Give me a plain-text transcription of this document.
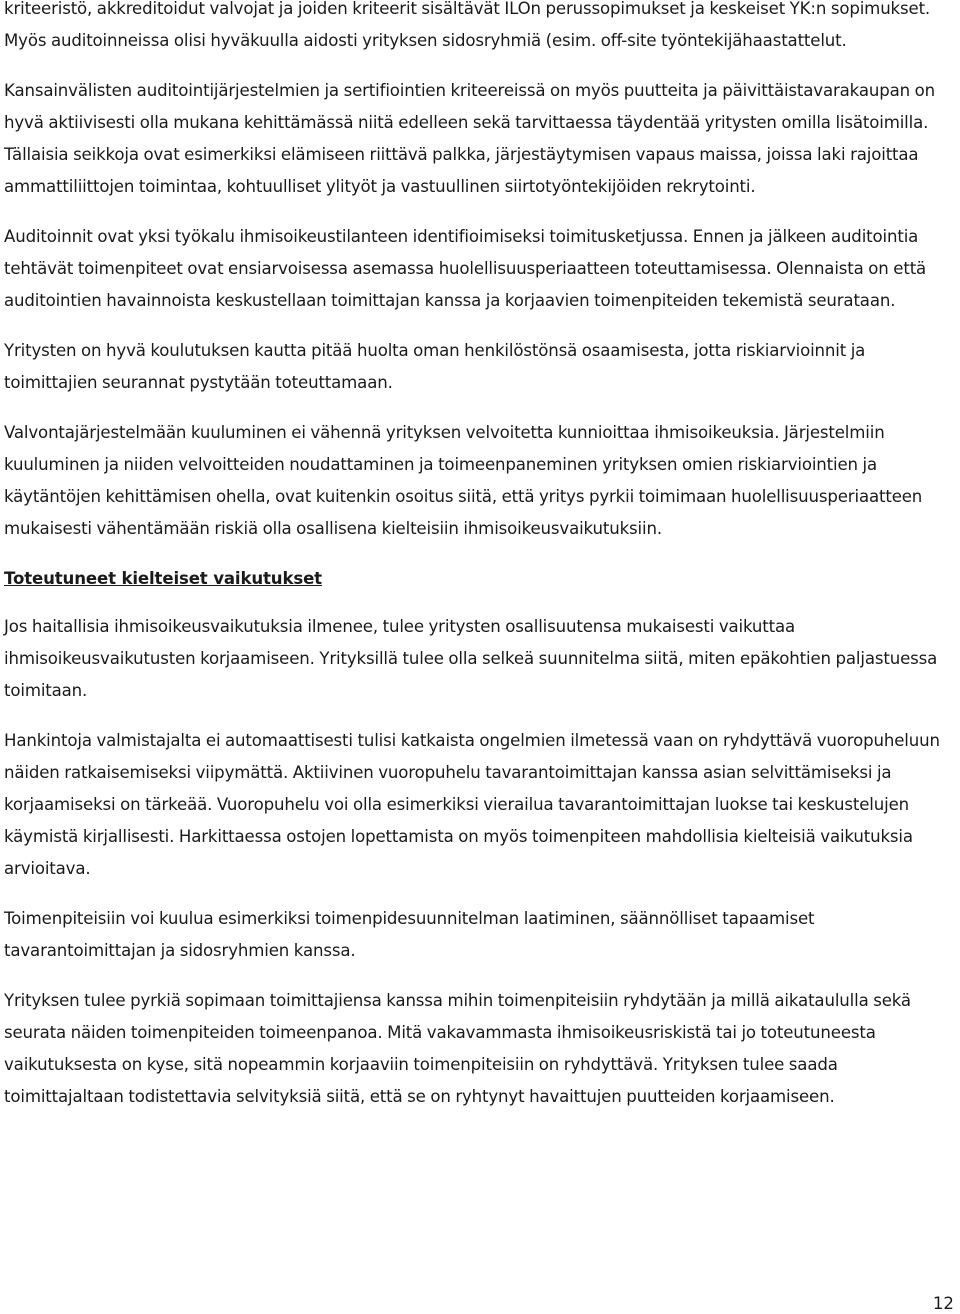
kriteeristö, akkreditoidut valvojat ja joiden kriteerit sisältävät ILOn perussopimukset ja keskeiset YK:n sopimukset. Myös auditoinneissa olisi hyväkuulla aidosti yrityksen sidosryhmiä (esim. off-site työntekijähaastattelut.

Kansainvälisten auditointijärjestelmien ja sertifiointien kriteereissä on myös puutteita ja päivittäistavarakaupan on hyvä aktiivisesti olla mukana kehittämässä niitä edelleen sekä tarvittaessa täydentää yritysten omilla lisätoimilla. Tällaisia seikkoja ovat esimerkiksi elämiseen riittävä palkka, järjestäytymisen vapaus maissa, joissa laki rajoittaa ammattiliittojen toimintaa, kohtuulliset ylityöt ja vastuullinen siirtotyöntekijöiden rekrytointi.

Auditoinnit ovat yksi työkalu ihmisoikeustilanteen identifioimiseksi toimitusketjussa. Ennen ja jälkeen auditointia tehtävät toimenpiteet ovat ensiarvoisessa asemassa huolellisuusperiaatteen toteuttamisessa. Olennaista on että auditointien havainnoista keskustellaan toimittajan kanssa ja korjaavien toimenpiteiden tekemistä seurataan.

Yritysten on hyvä koulutuksen kautta pitää huolta oman henkilöstönsä osaamisesta, jotta riskiarvioinnit ja toimittajien seurannat pystytään toteuttamaan.

Valvontajärjestelmään kuuluminen ei vähennä yrityksen velvoitetta kunnioittaa ihmisoikeuksia. Järjestelmiin kuuluminen ja niiden velvoitteiden noudattaminen ja toimeenpaneminen yrityksen omien riskiarviointien ja käytäntöjen kehittämisen ohella, ovat kuitenkin osoitus siitä, että yritys pyrkii toimimaan huolellisuusperiaatteen mukaisesti vähentämään riskiä olla osallisena kielteisiin ihmisoikeusvaikutuksiin.

Toteutuneet kielteiset vaikutukset

Jos haitallisia ihmisoikeusvaikutuksia ilmenee, tulee yritysten osallisuutensa mukaisesti vaikuttaa ihmisoikeusvaikutusten korjaamiseen. Yrityksillä tulee olla selkeä suunnitelma siitä, miten epäkohtien paljastuessa toimitaan.

Hankintoja valmistajalta ei automaattisesti tulisi katkaista ongelmien ilmetessä vaan on ryhdyttävä vuoropuheluun näiden ratkaisemiseksi viipymättä. Aktiivinen vuoropuhelu tavarantoimittajan kanssa asian selvittämiseksi ja korjaamiseksi on tärkeää. Vuoropuhelu voi olla esimerkiksi vierailua tavarantoimittajan luokse tai keskustelujen käymistä kirjallisesti. Harkittaessa ostojen lopettamista on myös toimenpiteen mahdollisia kielteisiä vaikutuksia arvioitava.

Toimenpiteisiin voi kuulua esimerkiksi toimenpidesuunnitelman laatiminen, säännölliset tapaamiset tavarantoimittajan ja sidosryhmien kanssa.

Yrityksen tulee pyrkiä sopimaan toimittajiensa kanssa mihin toimenpiteisiin ryhdytään ja millä aikataululla sekä seurata näiden toimenpiteiden toimeenpanoa. Mitä vakavammasta ihmisoikeusriskistä tai jo toteutuneesta vaikutuksesta on kyse, sitä nopeammin korjaaviin toimenpiteisiin on ryhdyttävä. Yrityksen tulee saada toimittajaltaan todistettavia selvityksiä siitä, että se on ryhtynyt havaittujen puutteiden korjaamiseen.

12
